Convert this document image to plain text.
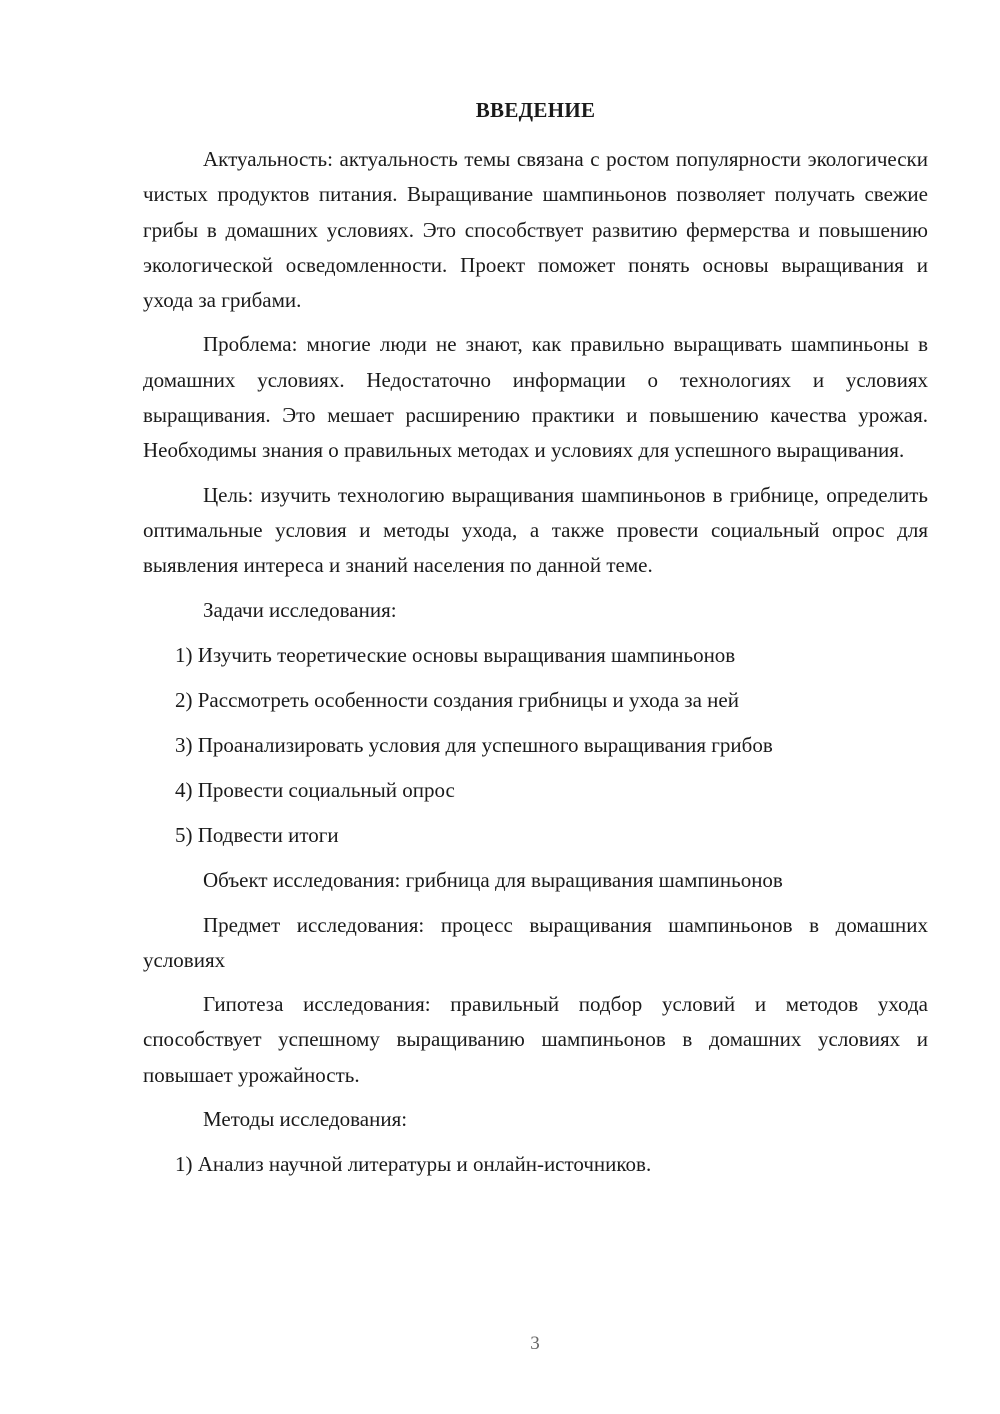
ВВЕДЕНИЕ

Актуальность: актуальность темы связана с ростом популярности экологически чистых продуктов питания. Выращивание шампиньонов позволяет получать свежие грибы в домашних условиях. Это способствует развитию фермерства и повышению экологической осведомленности. Проект поможет понять основы выращивания и ухода за грибами.

Проблема: многие люди не знают, как правильно выращивать шампиньоны в домашних условиях. Недостаточно информации о технологиях и условиях выращивания. Это мешает расширению практики и повышению качества урожая. Необходимы знания о правильных методах и условиях для успешного выращивания.

Цель: изучить технологию выращивания шампиньонов в грибнице, определить оптимальные условия и методы ухода, а также провести социальный опрос для выявления интереса и знаний населения по данной теме.

Задачи исследования:

1) Изучить теоретические основы выращивания шампиньонов

2) Рассмотреть особенности создания грибницы и ухода за ней

3) Проанализировать условия для успешного выращивания грибов

4) Провести социальный опрос

5) Подвести итоги

Объект исследования: грибница для выращивания шампиньонов

Предмет исследования: процесс выращивания шампиньонов в домашних условиях

Гипотеза исследования: правильный подбор условий и методов ухода способствует успешному выращиванию шампиньонов в домашних условиях и повышает урожайность.

Методы исследования:

1) Анализ научной литературы и онлайн-источников.

3
